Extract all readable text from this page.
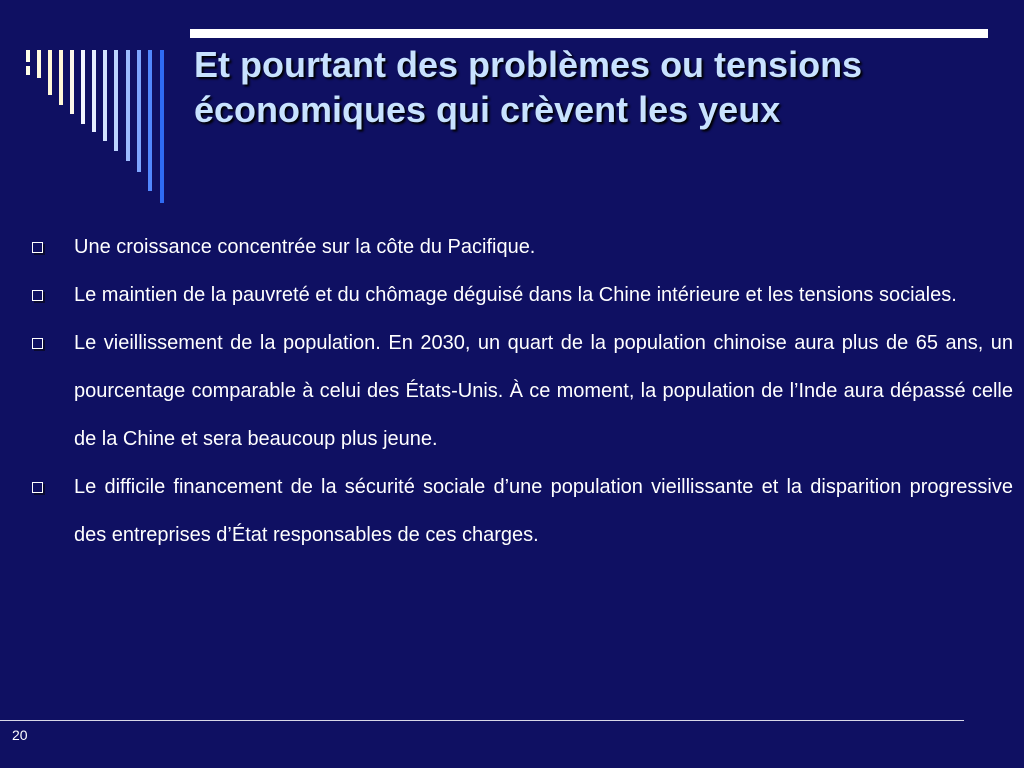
Et pourtant des problèmes ou tensions économiques qui crèvent les yeux
Une croissance concentrée sur la côte du Pacifique.
Le maintien de la pauvreté et du chômage déguisé dans la Chine intérieure et les tensions sociales.
Le vieillissement de la population. En 2030, un quart de la population chinoise aura plus de 65 ans, un pourcentage comparable à celui des États-Unis. À ce moment, la population de l’Inde aura dépassé celle de la Chine et sera beaucoup plus jeune.
Le difficile financement de la sécurité sociale d’une population vieillissante et la disparition progressive des entreprises d’État responsables de ces charges.
20
